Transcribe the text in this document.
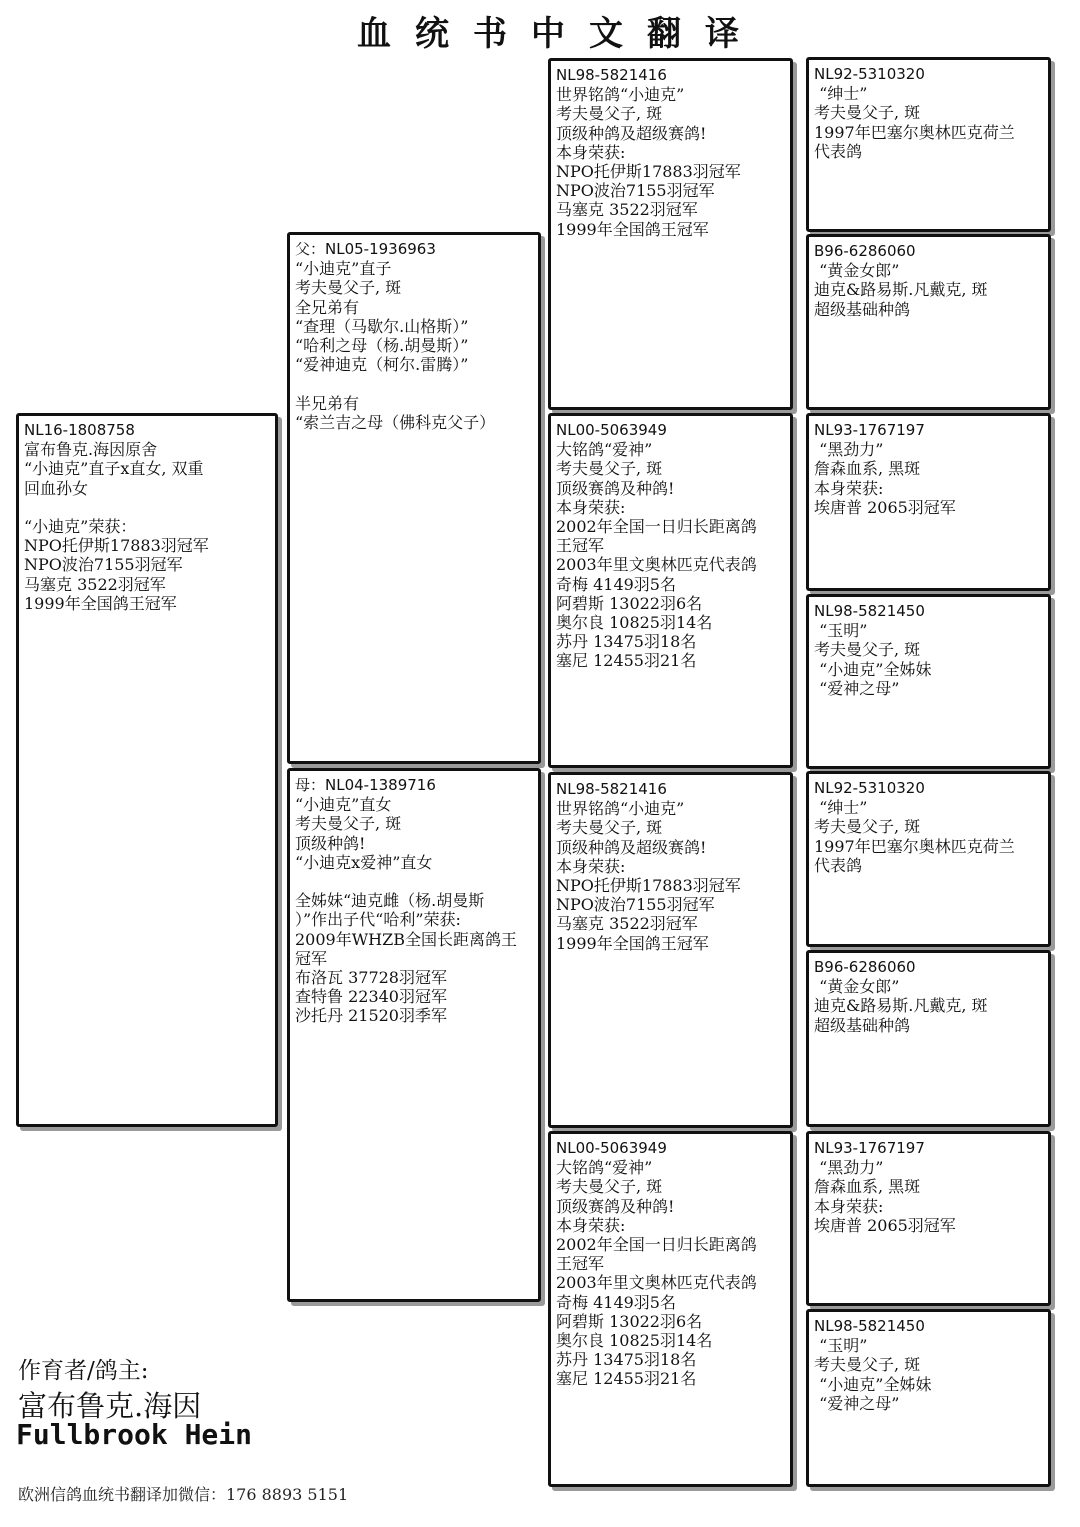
血统书中文翻译
NL16-1808758
富布鲁克.海因原舍
“小迪克”直子x直女, 双重
回血孙女

“小迪克”荣获：
NPO托伊斯17883羽冠军
NPO波治7155羽冠军
马塞克 3522羽冠军
1999年全国鸽王冠军
父：NL05-1936963
“小迪克”直子
考夫曼父子, 斑
全兄弟有
“查理（马歇尔.山格斯）”
“哈利之母（杨.胡曼斯）”
“爱神迪克（柯尔.雷腾）”

半兄弟有
“索兰吉之母（佛科克父子）
母：NL04-1389716
“小迪克”直女
考夫曼父子, 斑
顶级种鸽!
“小迪克x爱神”直女

全姊妹“迪克雌（杨.胡曼斯
）”作出子代“哈利”荣获:
2009年WHZB全国长距离鸽王
冠军
布洛瓦 37728羽冠军
查特鲁 22340羽冠军
沙托丹 21520羽季军
NL98-5821416
世界铭鸽“小迪克”
考夫曼父子, 斑
顶级种鸽及超级赛鸽!
本身荣获:
NPO托伊斯17883羽冠军
NPO波治7155羽冠军
马塞克 3522羽冠军
1999年全国鸽王冠军
NL00-5063949
大铭鸽“爱神”
考夫曼父子, 斑
顶级赛鸽及种鸽!
本身荣获:
2002年全国一日归长距离鸽
王冠军
2003年里文奥林匹克代表鸽
奇梅 4149羽5名
阿碧斯 13022羽6名
奥尔良 10825羽14名
苏丹 13475羽18名
塞尼 12455羽21名
NL98-5821416
世界铭鸽“小迪克”
考夫曼父子, 斑
顶级种鸽及超级赛鸽!
本身荣获:
NPO托伊斯17883羽冠军
NPO波治7155羽冠军
马塞克 3522羽冠军
1999年全国鸽王冠军
NL00-5063949
大铭鸽“爱神”
考夫曼父子, 斑
顶级赛鸽及种鸽!
本身荣获:
2002年全国一日归长距离鸽
王冠军
2003年里文奥林匹克代表鸽
奇梅 4149羽5名
阿碧斯 13022羽6名
奥尔良 10825羽14名
苏丹 13475羽18名
塞尼 12455羽21名
NL92-5310320
“绅士”
考夫曼父子, 斑
1997年巴塞尔奥林匹克荷兰
代表鸽
B96-6286060
“黄金女郎”
迪克&路易斯.凡戴克, 斑
超级基础种鸽
NL93-1767197
“黑劲力”
詹森血系, 黑斑
本身荣获:
埃唐普 2065羽冠军
NL98-5821450
“玉明”
考夫曼父子, 斑
“小迪克”全姊妹
“爱神之母”
NL92-5310320
“绅士”
考夫曼父子, 斑
1997年巴塞尔奥林匹克荷兰
代表鸽
B96-6286060
“黄金女郎”
迪克&路易斯.凡戴克, 斑
超级基础种鸽
NL93-1767197
“黑劲力”
詹森血系, 黑斑
本身荣获:
埃唐普 2065羽冠军
NL98-5821450
“玉明”
考夫曼父子, 斑
“小迪克”全姊妹
“爱神之母”
作育者/鸽主:
富布鲁克.海因
Fullbrook Hein
欧洲信鸽血统书翻译加微信：176 8893 5151
